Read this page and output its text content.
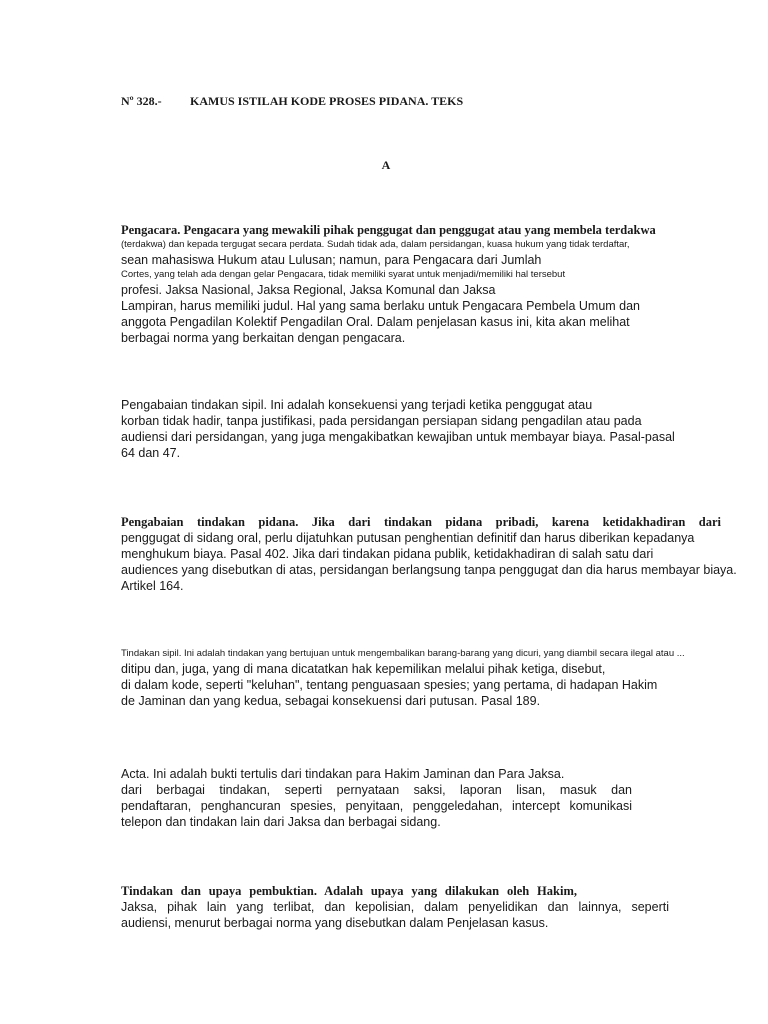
Nº 328.- KAMUS ISTILAH KODE PROSES PIDANA. TEKS
A
Pengacara. Pengacara yang mewakili pihak penggugat dan penggugat atau yang membela terdakwa
(terdakwa) dan kepada tergugat secara perdata. Sudah tidak ada, dalam persidangan, kuasa hukum yang tidak terdaftar,
sean mahasiswa Hukum atau Lulusan; namun, para Pengacara dari Jumlah
Cortes, yang telah ada dengan gelar Pengacara, tidak memiliki syarat untuk menjadi/memiliki hal tersebut
profesi. Jaksa Nasional, Jaksa Regional, Jaksa Komunal dan Jaksa
Lampiran, harus memiliki judul. Hal yang sama berlaku untuk Pengacara Pembela Umum dan
anggota Pengadilan Kolektif Pengadilan Oral. Dalam penjelasan kasus ini, kita akan melihat
berbagai norma yang berkaitan dengan pengacara.
Pengabaian tindakan sipil. Ini adalah konsekuensi yang terjadi ketika penggugat atau
korban tidak hadir, tanpa justifikasi, pada persidangan persiapan sidang pengadilan atau pada
audiensi dari persidangan, yang juga mengakibatkan kewajiban untuk membayar biaya. Pasal-pasal
64 dan 47.
Pengabaian tindakan pidana. Jika dari tindakan pidana pribadi, karena ketidakhadiran dari
penggugat di sidang oral, perlu dijatuhkan putusan penghentian definitif dan harus diberikan kepadanya
menghukum biaya. Pasal 402. Jika dari tindakan pidana publik, ketidakhadiran di salah satu dari
audiences yang disebutkan di atas, persidangan berlangsung tanpa penggugat dan dia harus membayar biaya.
Artikel 164.
Tindakan sipil. Ini adalah tindakan yang bertujuan untuk mengembalikan barang-barang yang dicuri, yang diambil secara ilegal atau ...
ditipu dan, juga, yang di mana dicatatkan hak kepemilikan melalui pihak ketiga, disebut,
di dalam kode, seperti "keluhan", tentang penguasaan spesies; yang pertama, di hadapan Hakim
de Jaminan dan yang kedua, sebagai konsekuensi dari putusan. Pasal 189.
Acta. Ini adalah bukti tertulis dari tindakan para Hakim Jaminan dan Para Jaksa.
dari berbagai tindakan, seperti pernyataan saksi, laporan lisan, masuk dan
pendaftaran, penghancuran spesies, penyitaan, penggeledahan, intercept komunikasi
telepon dan tindakan lain dari Jaksa dan berbagai sidang.
Tindakan dan upaya pembuktian. Adalah upaya yang dilakukan oleh Hakim,
Jaksa, pihak lain yang terlibat, dan kepolisian, dalam penyelidikan dan lainnya, seperti
audiensi, menurut berbagai norma yang disebutkan dalam Penjelasan kasus.
